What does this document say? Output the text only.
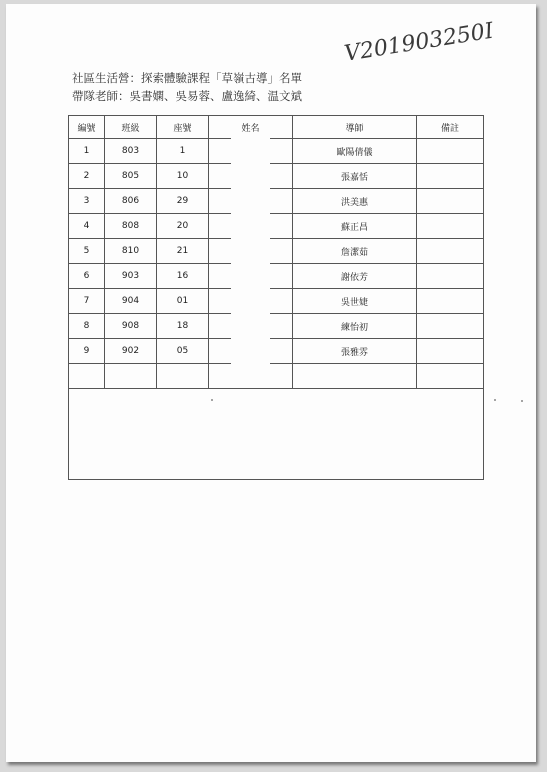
V201903250I
社區生活營：探索體驗課程「草嶺古導」名單
帶隊老師：吳書嫻、吳易蓉、盧逸綺、温文斌
編號	班級	座號	姓名	導師	備註
1	803	1		歐陽倩儀	
2	805	10		張嘉恬	
3	806	29		洪美惠	
4	808	20		蘇正昌	
5	810	21		詹潔茹	
6	903	16		謝依芳	
7	904	01		吳世婕	
8	908	18		練怡初	
9	902	05		張雅雰	
